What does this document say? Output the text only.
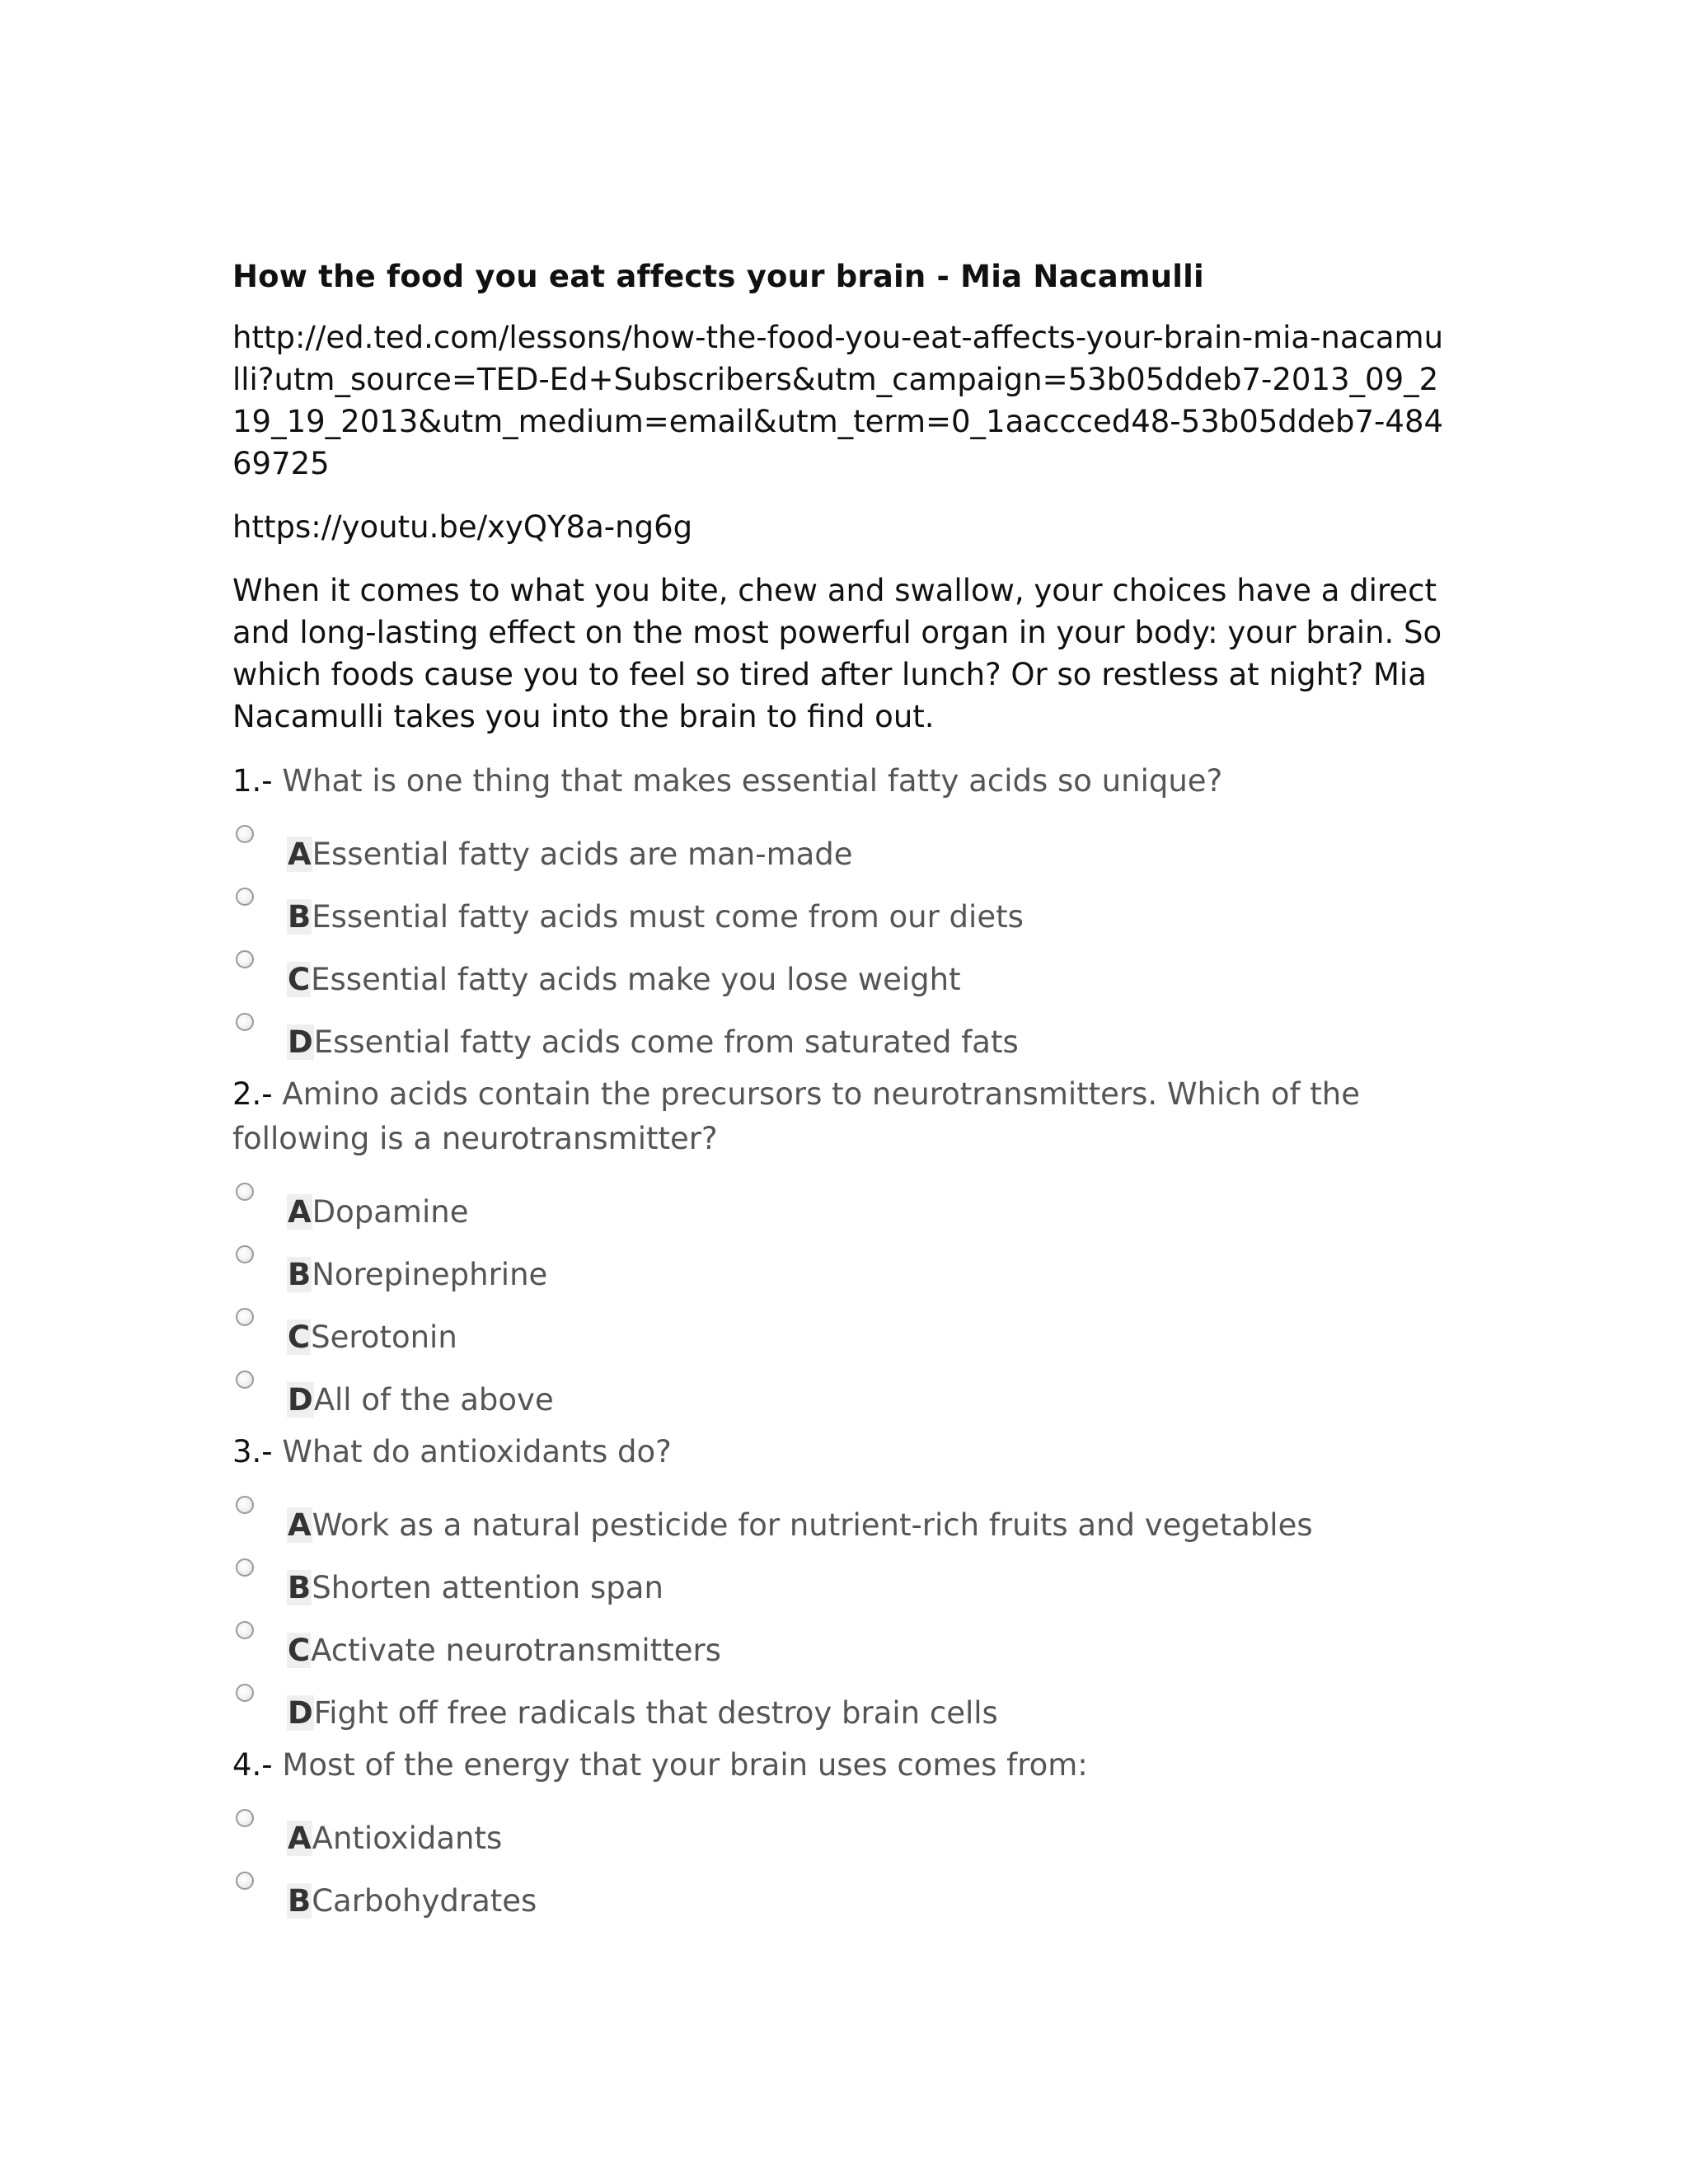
How the food you eat affects your brain - Mia Nacamulli
http://ed.ted.com/lessons/how-the-food-you-eat-affects-your-brain-mia-nacamulli?utm_source=TED-Ed+Subscribers&utm_campaign=53b05ddeb7-2013_09_219_19_2013&utm_medium=email&utm_term=0_1aaccced48-53b05ddeb7-48469725
https://youtu.be/xyQY8a-ng6g
When it comes to what you bite, chew and swallow, your choices have a direct and long-lasting effect on the most powerful organ in your body: your brain. So which foods cause you to feel so tired after lunch? Or so restless at night? Mia Nacamulli takes you into the brain to find out.
1.- What is one thing that makes essential fatty acids so unique?
AEssential fatty acids are man-made
BEssential fatty acids must come from our diets
CEssential fatty acids make you lose weight
DEssential fatty acids come from saturated fats
2.- Amino acids contain the precursors to neurotransmitters. Which of the following is a neurotransmitter?
ADopamine
BNorepinephrine
CSerotonin
DAll of the above
3.- What do antioxidants do?
AWork as a natural pesticide for nutrient-rich fruits and vegetables
BShorten attention span
CActivate neurotransmitters
DFight off free radicals that destroy brain cells
4.- Most of the energy that your brain uses comes from:
AAntioxidants
BCarbohydrates
